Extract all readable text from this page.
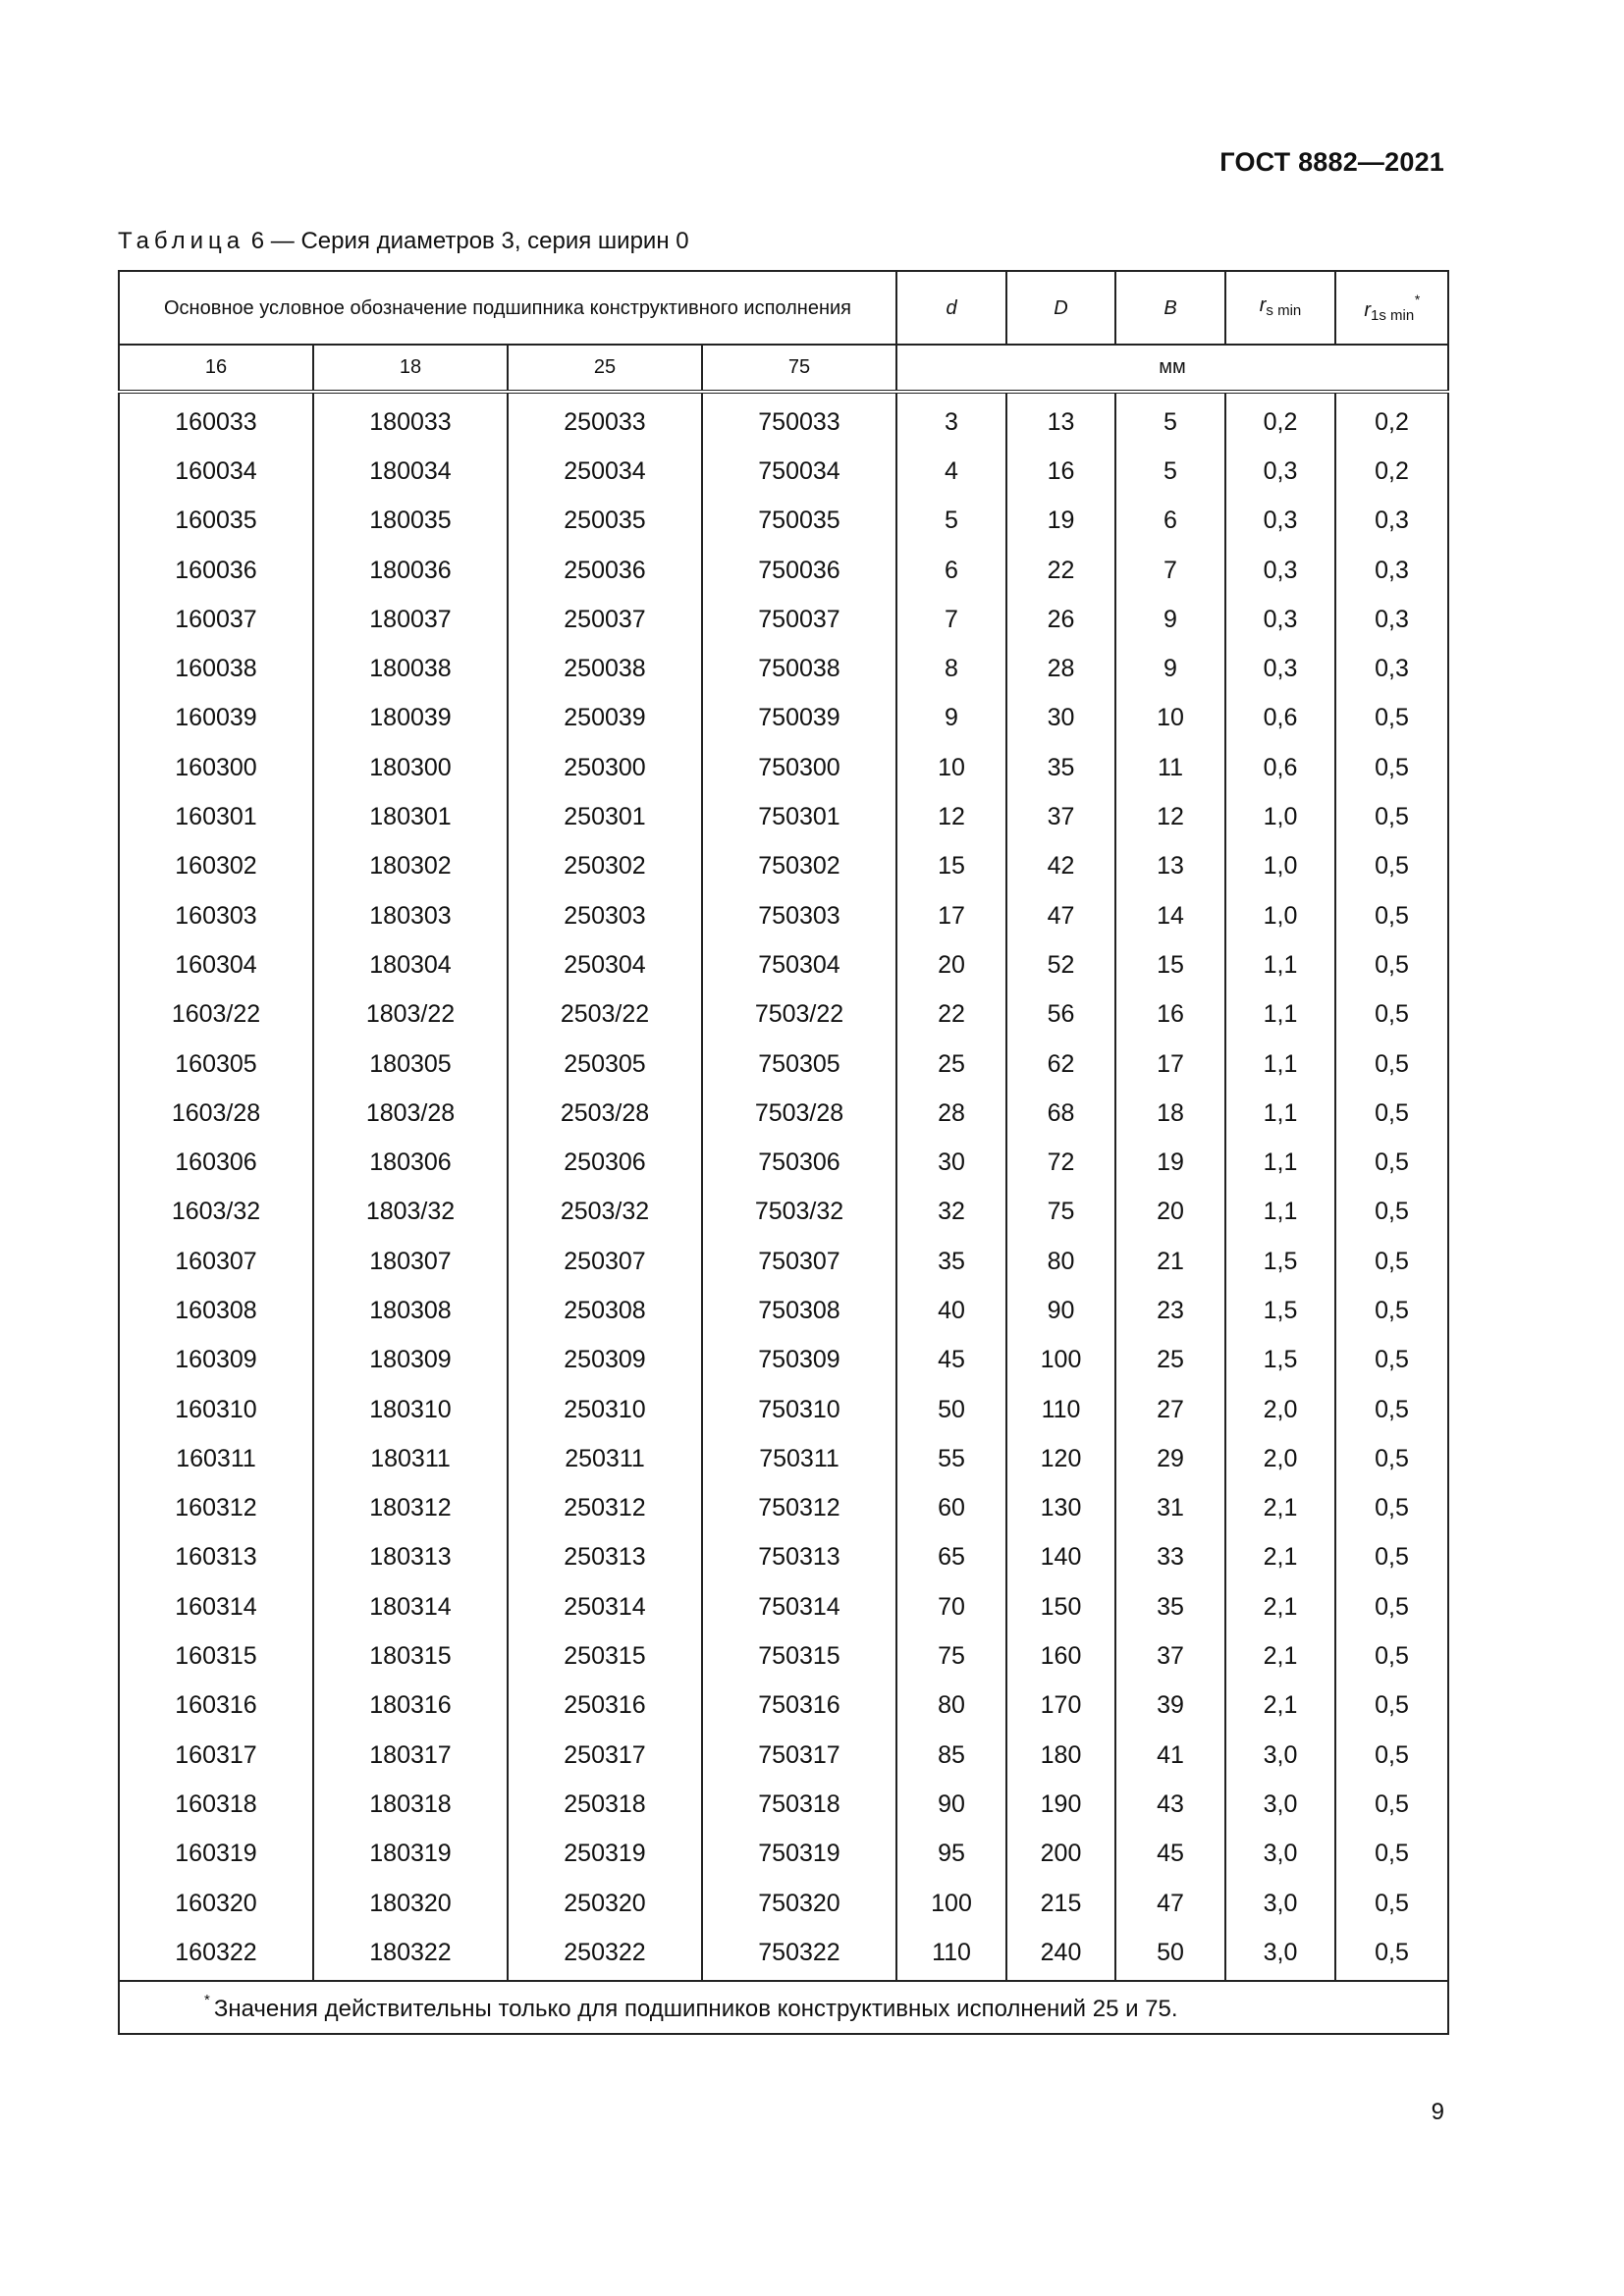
ГОСТ 8882—2021
Таблица 6 — Серия диаметров 3, серия ширин 0
Основное условное обозначение подшипника конструктивного исполнения				d	D	B	$r_{s min}$	$r_{1s min}^*$
16	18	25	75	мм				
160033	180033	250033	750033	3	13	5	0,2	0,2
160034	180034	250034	750034	4	16	5	0,3	0,2
160035	180035	250035	750035	5	19	6	0,3	0,3
160036	180036	250036	750036	6	22	7	0,3	0,3
160037	180037	250037	750037	7	26	9	0,3	0,3
160038	180038	250038	750038	8	28	9	0,3	0,3
160039	180039	250039	750039	9	30	10	0,6	0,5
160300	180300	250300	750300	10	35	11	0,6	0,5
160301	180301	250301	750301	12	37	12	1,0	0,5
160302	180302	250302	750302	15	42	13	1,0	0,5
160303	180303	250303	750303	17	47	14	1,0	0,5
160304	180304	250304	750304	20	52	15	1,1	0,5
1603/22	1803/22	2503/22	7503/22	22	56	16	1,1	0,5
160305	180305	250305	750305	25	62	17	1,1	0,5
1603/28	1803/28	2503/28	7503/28	28	68	18	1,1	0,5
160306	180306	250306	750306	30	72	19	1,1	0,5
1603/32	1803/32	2503/32	7503/32	32	75	20	1,1	0,5
160307	180307	250307	750307	35	80	21	1,5	0,5
160308	180308	250308	750308	40	90	23	1,5	0,5
160309	180309	250309	750309	45	100	25	1,5	0,5
160310	180310	250310	750310	50	110	27	2,0	0,5
160311	180311	250311	750311	55	120	29	2,0	0,5
160312	180312	250312	750312	60	130	31	2,1	0,5
160313	180313	250313	750313	65	140	33	2,1	0,5
160314	180314	250314	750314	70	150	35	2,1	0,5
160315	180315	250315	750315	75	160	37	2,1	0,5
160316	180316	250316	750316	80	170	39	2,1	0,5
160317	180317	250317	750317	85	180	41	3,0	0,5
160318	180318	250318	750318	90	190	43	3,0	0,5
160319	180319	250319	750319	95	200	45	3,0	0,5
160320	180320	250320	750320	100	215	47	3,0	0,5
160322	180322	250322	750322	110	240	50	3,0	0,5
* Значения действительны только для подшипников конструктивных исполнений 25 и 75.								
9
